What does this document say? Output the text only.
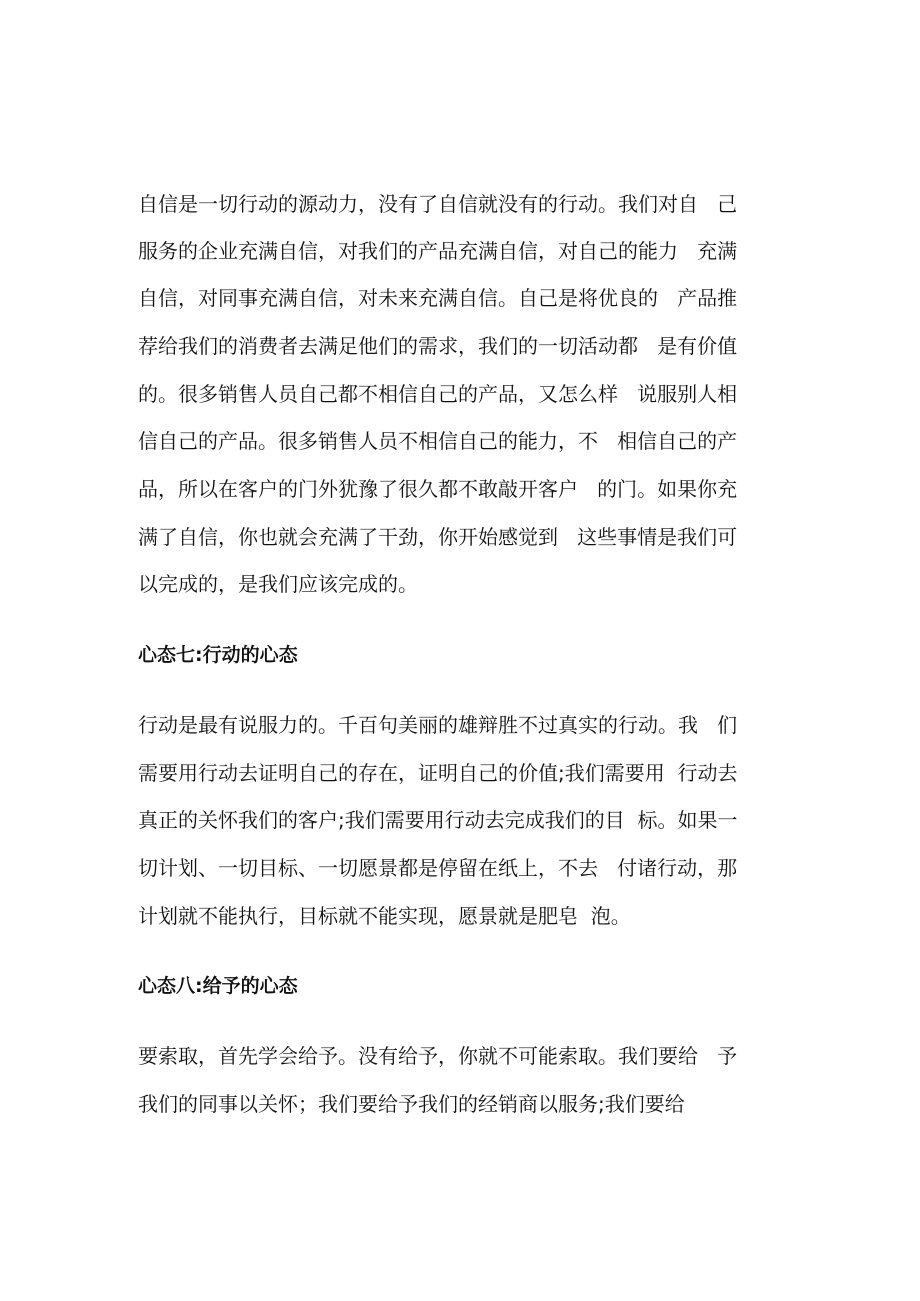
自信是一切行动的源动力，没有了自信就没有的行动。我们对自   己
服务的企业充满自信，对我们的产品充满自信，对自己的能力   充满
自信，对同事充满自信，对未来充满自信。自己是将优良的   产品推
荐给我们的消费者去满足他们的需求，我们的一切活动都   是有价值
的。很多销售人员自己都不相信自己的产品，又怎么样   说服别人相
信自己的产品。很多销售人员不相信自己的能力，不   相信自己的产
品，所以在客户的门外犹豫了很久都不敢敲开客户   的门。如果你充
满了自信，你也就会充满了干劲，你开始感觉到   这些事情是我们可
以完成的，是我们应该完成的。
心态七:行动的心态
行动是最有说服力的。千百句美丽的雄辩胜不过真实的行动。我   们
需要用行动去证明自己的存在，证明自己的价值;我们需要用  行动去
真正的关怀我们的客户;我们需要用行动去完成我们的目  标。如果一
切计划、一切目标、一切愿景都是停留在纸上，不去   付诸行动，那
计划就不能执行，目标就不能实现，愿景就是肥皂  泡。
心态八:给予的心态
要索取，首先学会给予。没有给予，你就不可能索取。我们要给   予
我们的同事以关怀；我们要给予我们的经销商以服务;我们要给
